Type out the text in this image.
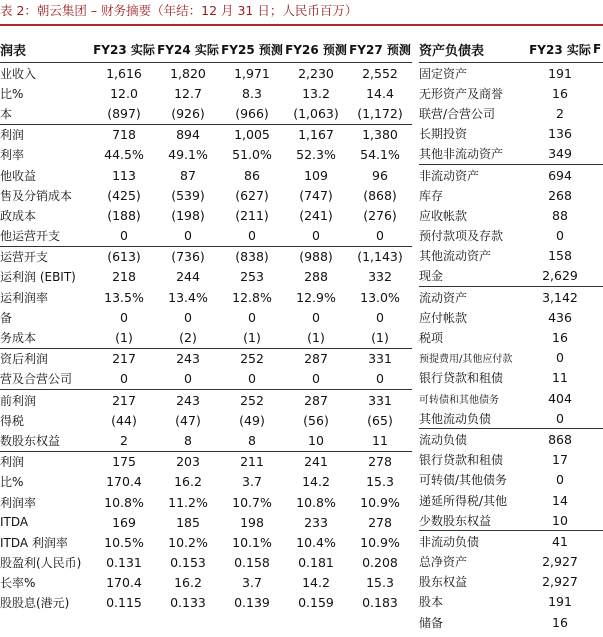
表 2：朝云集团 – 财务摘要（年结：12 月 31 日；人民币百万）
润表	FY23 实际	FY24 实际	FY25 预测	FY26 预测	FY27 预测
业收入	1,616	1,820	1,971	2,230	2,552
比%	12.0	12.7	8.3	13.2	14.4
本	(897)	(926)	(966)	(1,063)	(1,172)
利润	718	894	1,005	1,167	1,380
利率	44.5%	49.1%	51.0%	52.3%	54.1%
他收益	113	87	86	109	96
售及分销成本	(425)	(539)	(627)	(747)	(868)
政成本	(188)	(198)	(211)	(241)	(276)
他运营开支	0	0	0	0	0
运营开支	(613)	(736)	(838)	(988)	(1,143)
运利润 (EBIT)	218	244	253	288	332
运利润率	13.5%	13.4%	12.8%	12.9%	13.0%
备	0	0	0	0	0
务成本	(1)	(2)	(1)	(1)	(1)
资后利润	217	243	252	287	331
营及合营公司	0	0	0	0	0
前利润	217	243	252	287	331
得税	(44)	(47)	(49)	(56)	(65)
数股东权益	2	8	8	10	11
利润	175	203	211	241	278
比%	170.4	16.2	3.7	14.2	15.3
利润率	10.8%	11.2%	10.7%	10.8%	10.9%
ITDA	169	185	198	233	278
ITDA 利润率	10.5%	10.2%	10.1%	10.4%	10.9%
股盈利(人民币)	0.131	0.153	0.158	0.181	0.208
长率%	170.4	16.2	3.7	14.2	15.3
股股息(港元)	0.115	0.133	0.139	0.159	0.183
资产负债表	FY23 实际	F
固定资产	191	
无形资产及商誉	16	
联营/合营公司	2	
长期投资	136	
其他非流动资产	349	
非流动资产	694	
库存	268	
应收帐款	88	
预付款项及存款	0	
其他流动资产	158	
现金	2,629	
流动资产	3,142	
应付帐款	436	
税项	16	
预提费用/其他应付款	0	
银行贷款和租债	11	
可转债和其他债务	404	
其他流动负债	0	
流动负债	868	
银行贷款和租债	17	
可转债/其他债务	0	
递延所得税/其他	14	
少数股东权益	10	
非流动负债	41	
总净资产	2,927	
股东权益	2,927	
股本	191	
储备	16	
